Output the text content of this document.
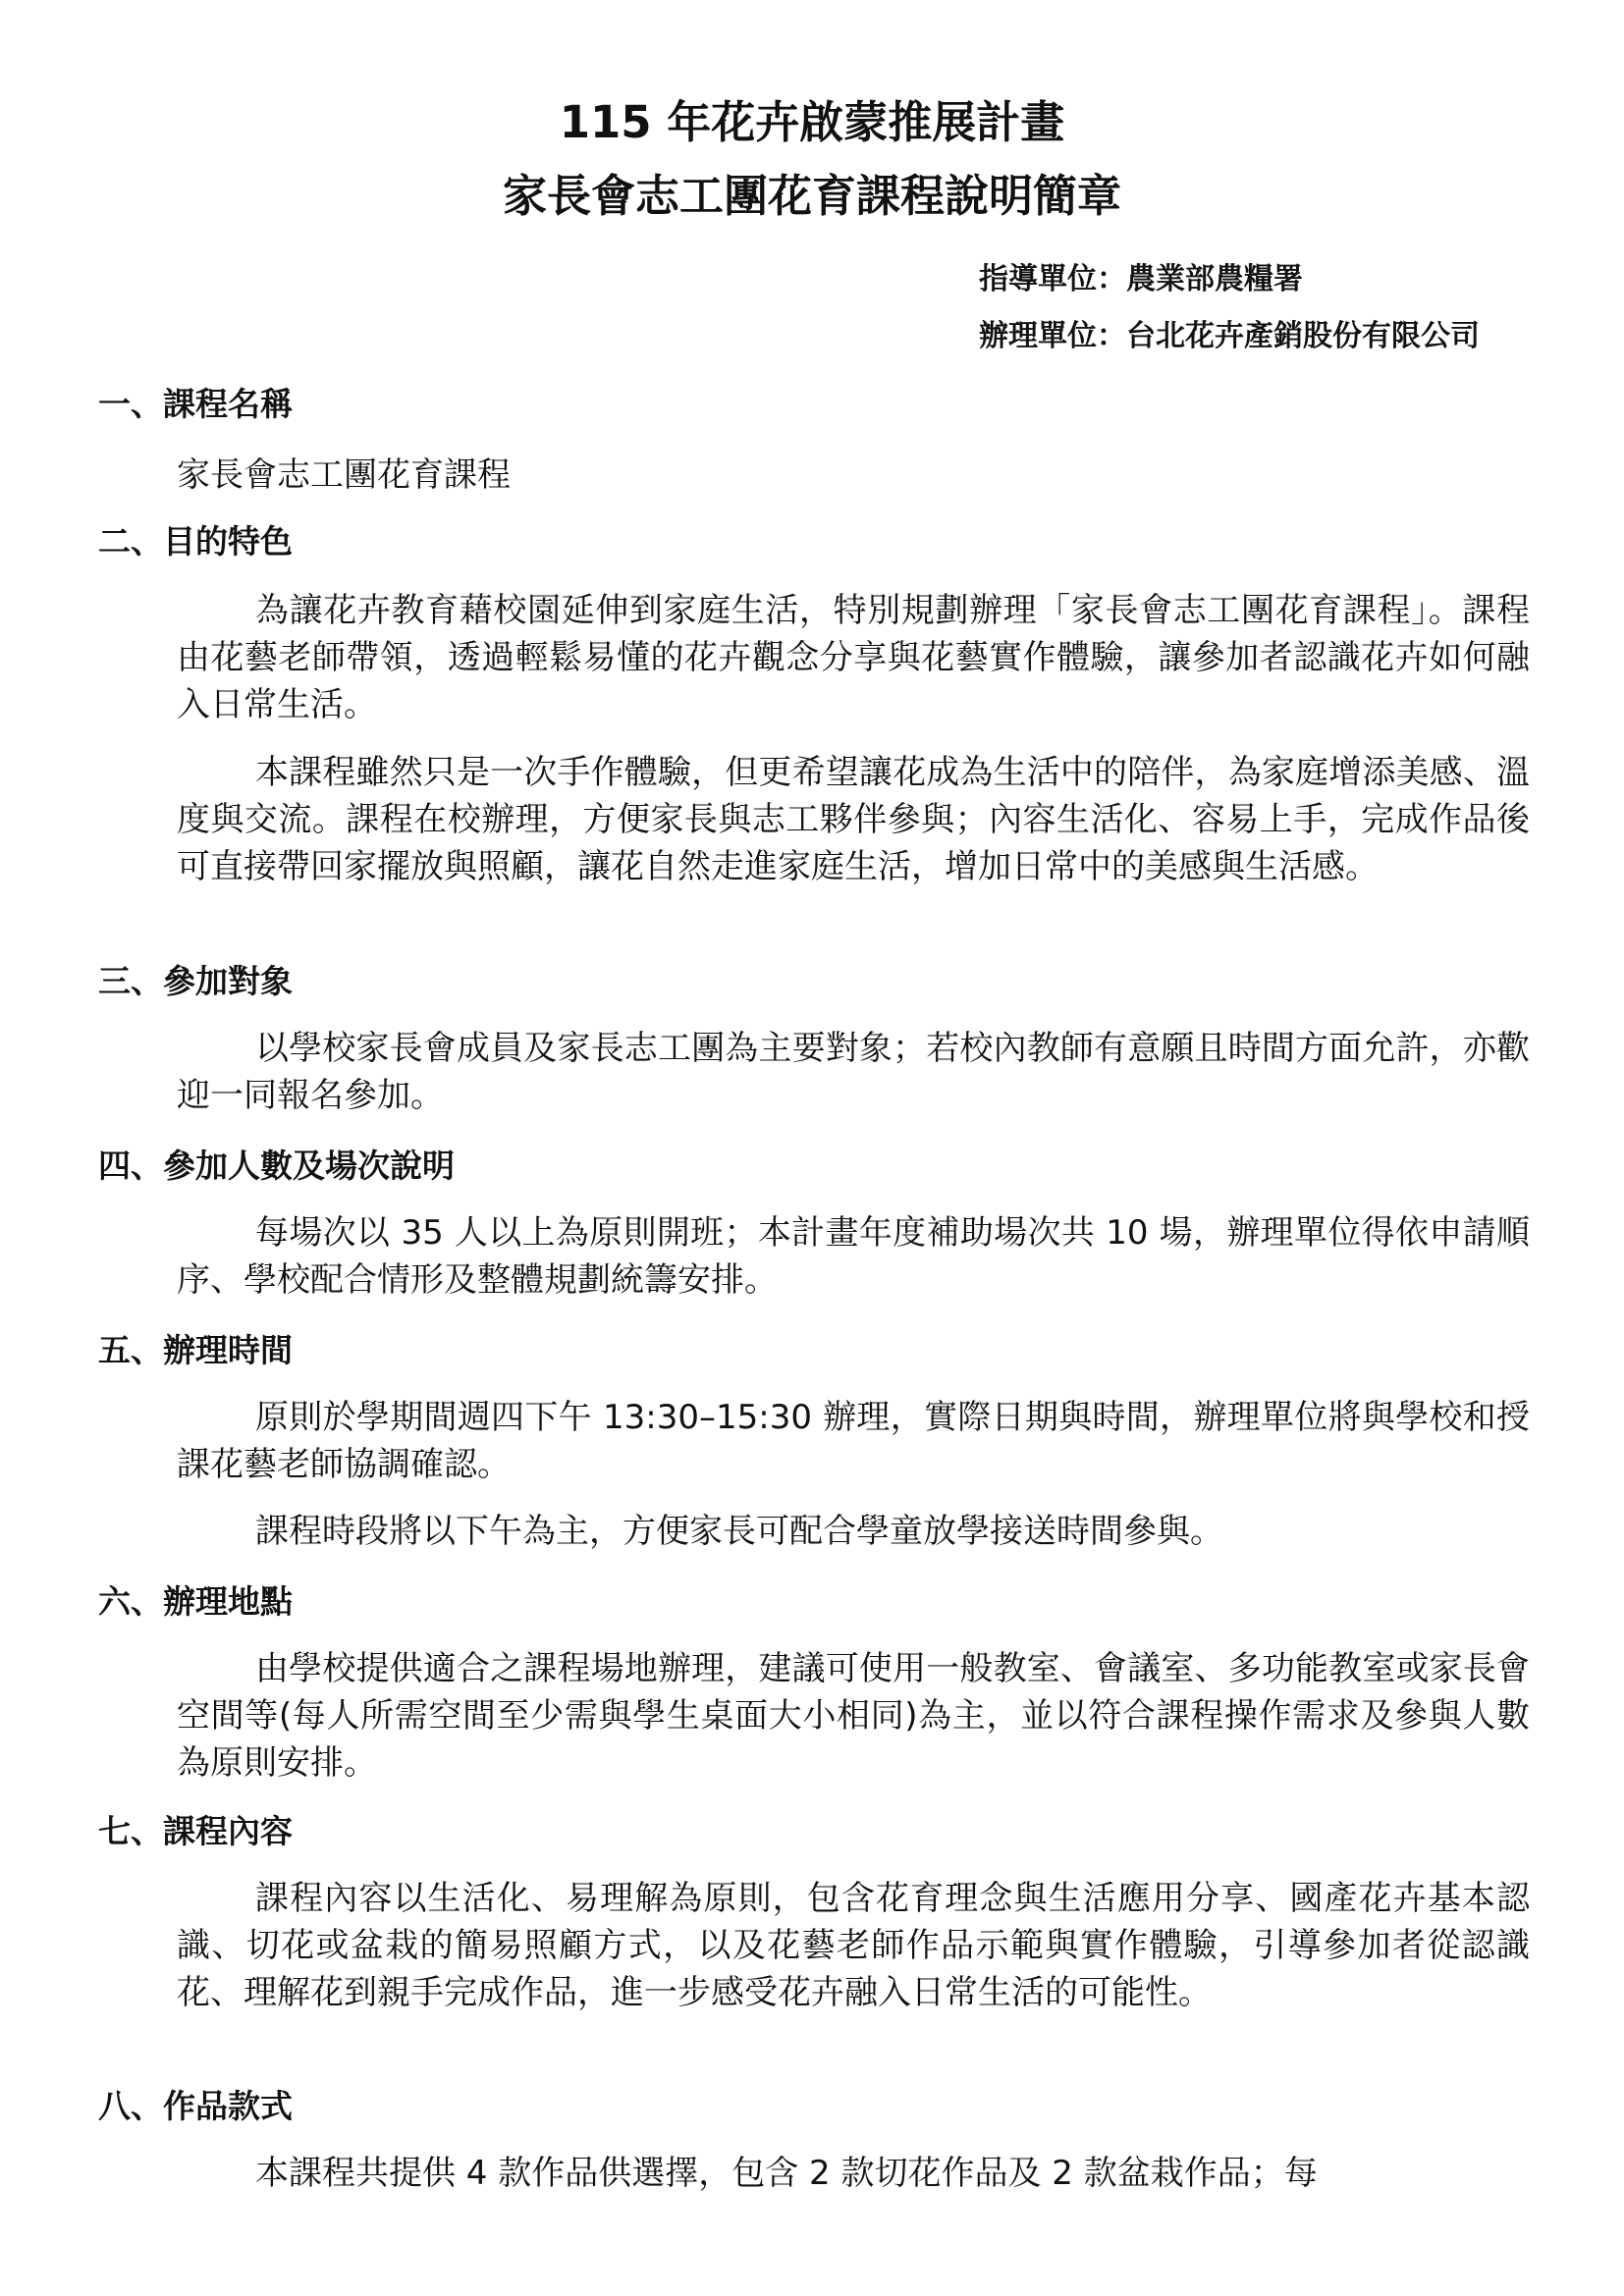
115 年花卉啟蒙推展計畫
家長會志工團花育課程說明簡章
指導單位：農業部農糧署
辦理單位：台北花卉產銷股份有限公司
一、課程名稱

家長會志工團花育課程

二、目的特色

為讓花卉教育藉校園延伸到家庭生活，特別規劃辦理「家長會志工團花育課程」。課程由花藝老師帶領，透過輕鬆易懂的花卉觀念分享與花藝實作體驗，讓參加者認識花卉如何融入日常生活。

本課程雖然只是一次手作體驗，但更希望讓花成為生活中的陪伴，為家庭增添美感、溫度與交流。課程在校辦理，方便家長與志工夥伴參與；內容生活化、容易上手，完成作品後可直接帶回家擺放與照顧，讓花自然走進家庭生活，增加日常中的美感與生活感。

三、參加對象

以學校家長會成員及家長志工團為主要對象；若校內教師有意願且時間方面允許，亦歡迎一同報名參加。

四、參加人數及場次說明

每場次以 35 人以上為原則開班；本計畫年度補助場次共 10 場，辦理單位得依申請順序、學校配合情形及整體規劃統籌安排。

五、辦理時間

原則於學期間週四下午 13:30–15:30 辦理，實際日期與時間，辦理單位將與學校和授課花藝老師協調確認。

課程時段將以下午為主，方便家長可配合學童放學接送時間參與。

六、辦理地點

由學校提供適合之課程場地辦理，建議可使用一般教室、會議室、多功能教室或家長會空間等(每人所需空間至少需與學生桌面大小相同)為主，並以符合課程操作需求及參與人數為原則安排。

七、課程內容

課程內容以生活化、易理解為原則，包含花育理念與生活應用分享、國產花卉基本認識、切花或盆栽的簡易照顧方式，以及花藝老師作品示範與實作體驗，引導參加者從認識花、理解花到親手完成作品，進一步感受花卉融入日常生活的可能性。

八、作品款式

本課程共提供 4 款作品供選擇，包含 2 款切花作品及 2 款盆栽作品；每
